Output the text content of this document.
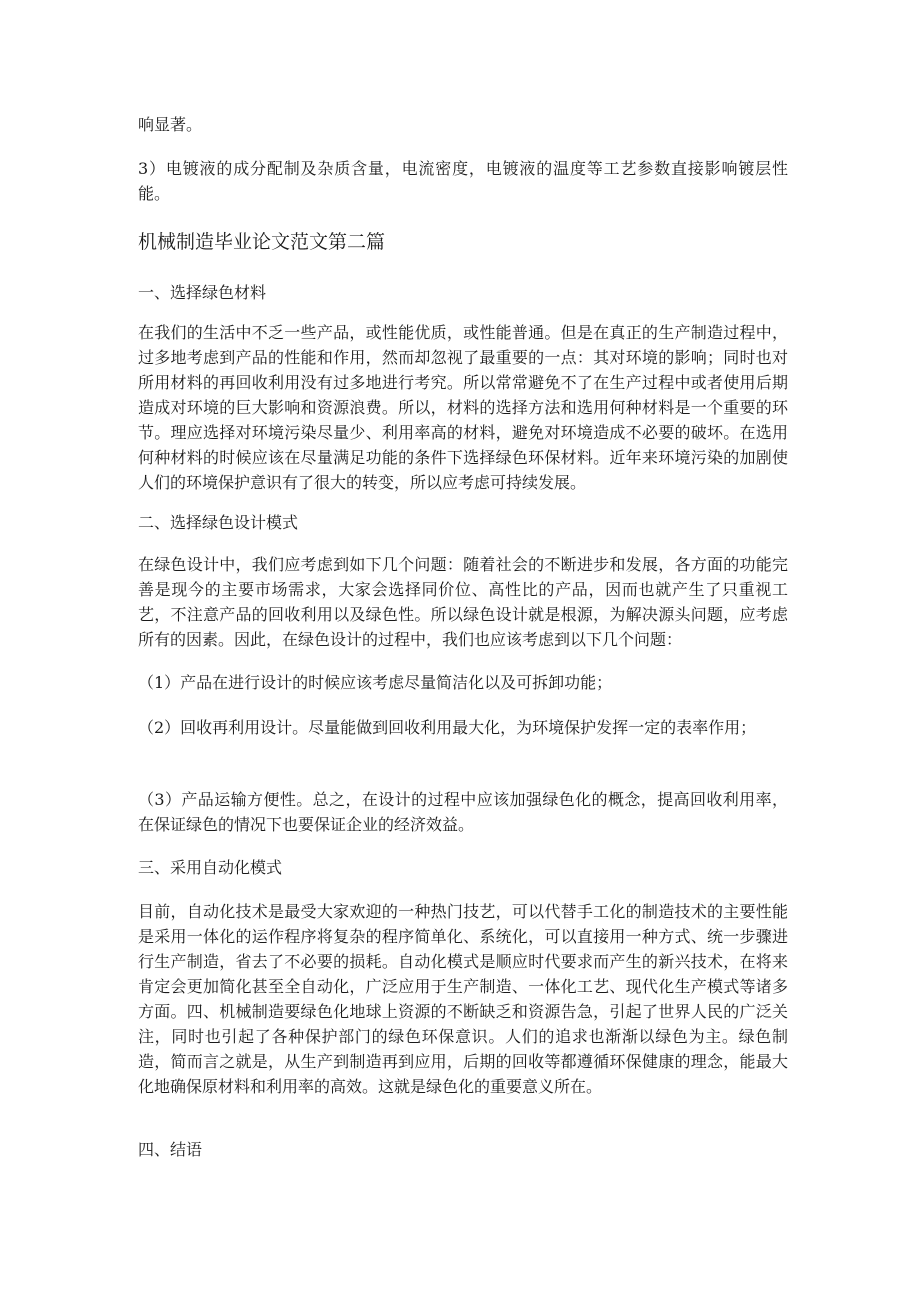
响显著。

3）电镀液的成分配制及杂质含量，电流密度，电镀液的温度等工艺参数直接影响镀层性能。

机械制造毕业论文范文第二篇
一、选择绿色材料

在我们的生活中不乏一些产品，或性能优质，或性能普通。但是在真正的生产制造过程中，过多地考虑到产品的性能和作用，然而却忽视了最重要的一点：其对环境的影响；同时也对所用材料的再回收利用没有过多地进行考究。所以常常避免不了在生产过程中或者使用后期造成对环境的巨大影响和资源浪费。所以，材料的选择方法和选用何种材料是一个重要的环节。理应选择对环境污染尽量少、利用率高的材料，避免对环境造成不必要的破坏。在选用何种材料的时候应该在尽量满足功能的条件下选择绿色环保材料。近年来环境污染的加剧使人们的环境保护意识有了很大的转变，所以应考虑可持续发展。

二、选择绿色设计模式

在绿色设计中，我们应考虑到如下几个问题：随着社会的不断进步和发展，各方面的功能完善是现今的主要市场需求，大家会选择同价位、高性比的产品，因而也就产生了只重视工艺，不注意产品的回收利用以及绿色性。所以绿色设计就是根源，为解决源头问题，应考虑所有的因素。因此，在绿色设计的过程中，我们也应该考虑到以下几个问题：

（1）产品在进行设计的时候应该考虑尽量简洁化以及可拆卸功能；

（2）回收再利用设计。尽量能做到回收利用最大化，为环境保护发挥一定的表率作用；

（3）产品运输方便性。总之，在设计的过程中应该加强绿色化的概念，提高回收利用率，在保证绿色的情况下也要保证企业的经济效益。

三、采用自动化模式

目前，自动化技术是最受大家欢迎的一种热门技艺，可以代替手工化的制造技术的主要性能是采用一体化的运作程序将复杂的程序简单化、系统化，可以直接用一种方式、统一步骤进行生产制造，省去了不必要的损耗。自动化模式是顺应时代要求而产生的新兴技术，在将来肯定会更加简化甚至全自动化，广泛应用于生产制造、一体化工艺、现代化生产模式等诸多方面。四、机械制造要绿色化地球上资源的不断缺乏和资源告急，引起了世界人民的广泛关注，同时也引起了各种保护部门的绿色环保意识。人们的追求也渐渐以绿色为主。绿色制造，简而言之就是，从生产到制造再到应用，后期的回收等都遵循环保健康的理念，能最大化地确保原材料和利用率的高效。这就是绿色化的重要意义所在。

四、结语
